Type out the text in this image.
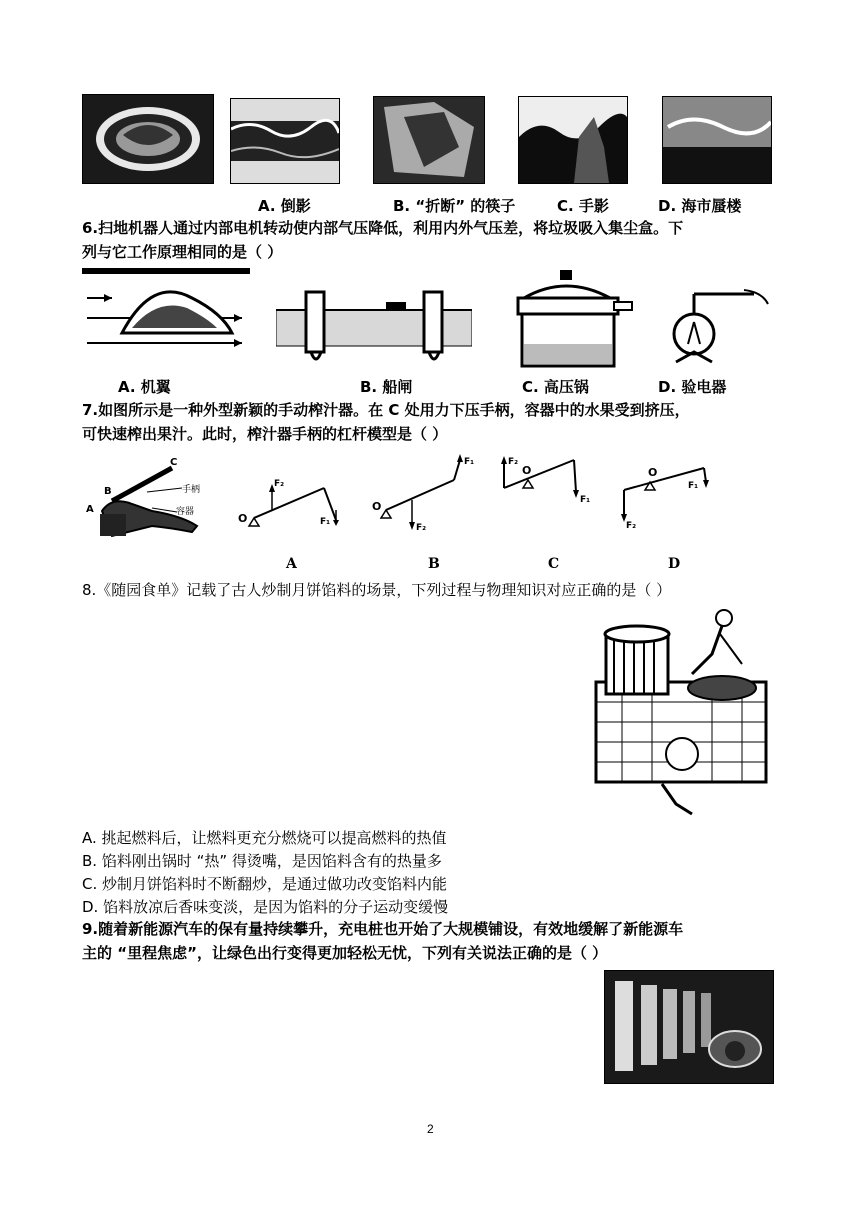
A. 倒影	B. “折断” 的筷子	C. 手影	D. 海市蜃楼
6.扫地机器人通过内部电机转动使内部气压降低，利用内外气压差，将垃圾吸入集尘盒。下
列与它工作原理相同的是（ ）
A. 机翼	B. 船闸	C. 高压锅	D. 验电器
7.如图所示是一种外型新颖的手动榨汁器。在 C 处用力下压手柄，容器中的水果受到挤压，
可快速榨出果汁。此时，榨汁器手柄的杠杆模型是（ ）
C
B
A
手柄
容器	O
F₂
F₁
O
F₁
F₂
F₂
O
F₁
O
F₁
F₂
A	B	C	D
8.《随园食单》记载了古人炒制月饼馅料的场景，下列过程与物理知识对应正确的是（ ）
A. 挑起燃料后，让燃料更充分燃烧可以提高燃料的热值
B. 馅料刚出锅时 “热” 得烫嘴，是因馅料含有的热量多
C. 炒制月饼馅料时不断翻炒，是通过做功改变馅料内能
D. 馅料放凉后香味变淡，是因为馅料的分子运动变缓慢
9.随着新能源汽车的保有量持续攀升，充电桩也开始了大规模铺设，有效地缓解了新能源车
主的 “里程焦虑”，让绿色出行变得更加轻松无忧，下列有关说法正确的是（ ）
2
